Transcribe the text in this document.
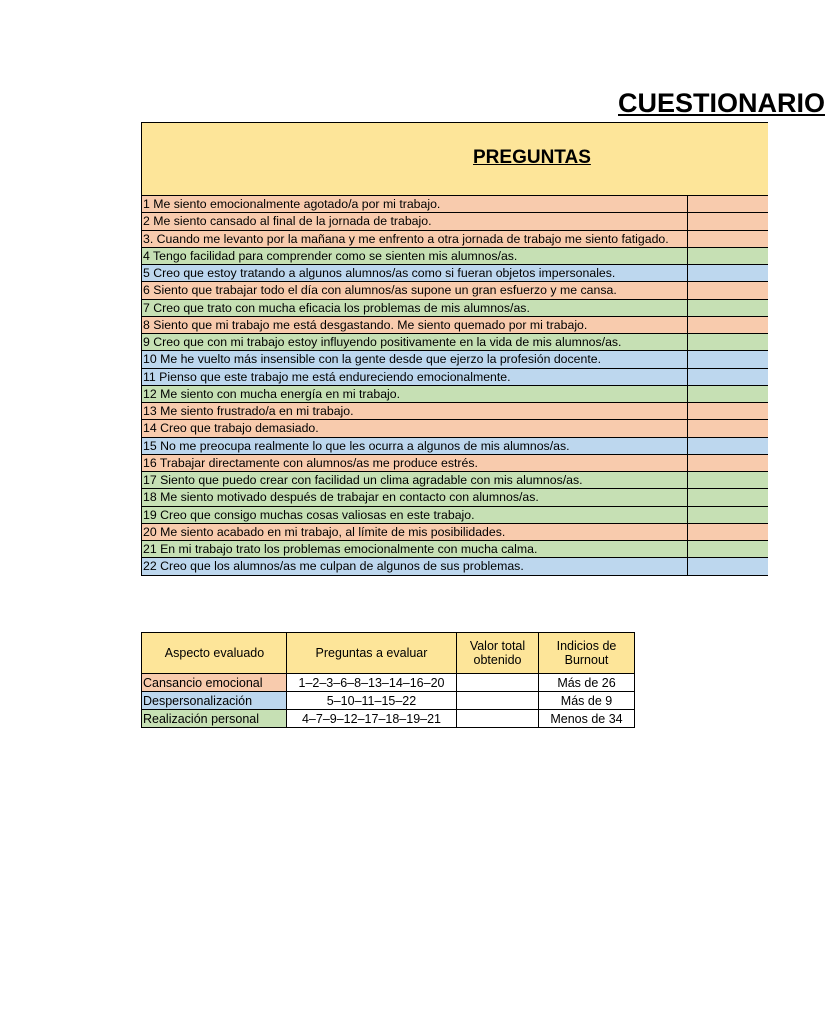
CUESTIONARIO
PREGUNTAS
1 Me siento emocionalmente agotado/a por mi trabajo.
2 Me siento cansado al final de la jornada de trabajo.
3. Cuando me levanto por la mañana y me enfrento a otra jornada de trabajo me siento fatigado.
4 Tengo facilidad para comprender como se sienten mis alumnos/as.
5 Creo que estoy tratando a algunos alumnos/as como si fueran objetos impersonales.
6 Siento que trabajar todo el día con alumnos/as supone un gran esfuerzo y me cansa.
7 Creo que trato con mucha eficacia los problemas de mis alumnos/as.
8 Siento que mi trabajo me está desgastando. Me siento quemado por mi trabajo.
9 Creo que con mi trabajo estoy influyendo positivamente en la vida de mis alumnos/as.
10 Me he vuelto más insensible con la gente desde que ejerzo la profesión docente.
11 Pienso que este trabajo me está endureciendo emocionalmente.
12 Me siento con mucha energía en mi trabajo.
13 Me siento frustrado/a en mi trabajo.
14 Creo que trabajo demasiado.
15 No me preocupa realmente lo que les ocurra a algunos de mis alumnos/as.
16 Trabajar directamente con alumnos/as me produce estrés.
17 Siento que puedo crear con facilidad un clima agradable con mis alumnos/as.
18 Me siento motivado después de trabajar en contacto con alumnos/as.
19 Creo que consigo muchas cosas valiosas en este trabajo.
20 Me siento acabado en mi trabajo, al límite de mis posibilidades.
21 En mi trabajo trato los problemas emocionalmente con mucha calma.
22 Creo que los alumnos/as me culpan de algunos de sus problemas.
Aspecto evaluado	Preguntas a evaluar	Valor total obtenido	Indicios de Burnout
Cansancio emocional	1–2–3–6–8–13–14–16–20		Más de 26
Despersonalización	5–10–11–15–22		Más de 9
Realización personal	4–7–9–12–17–18–19–21		Menos de 34
